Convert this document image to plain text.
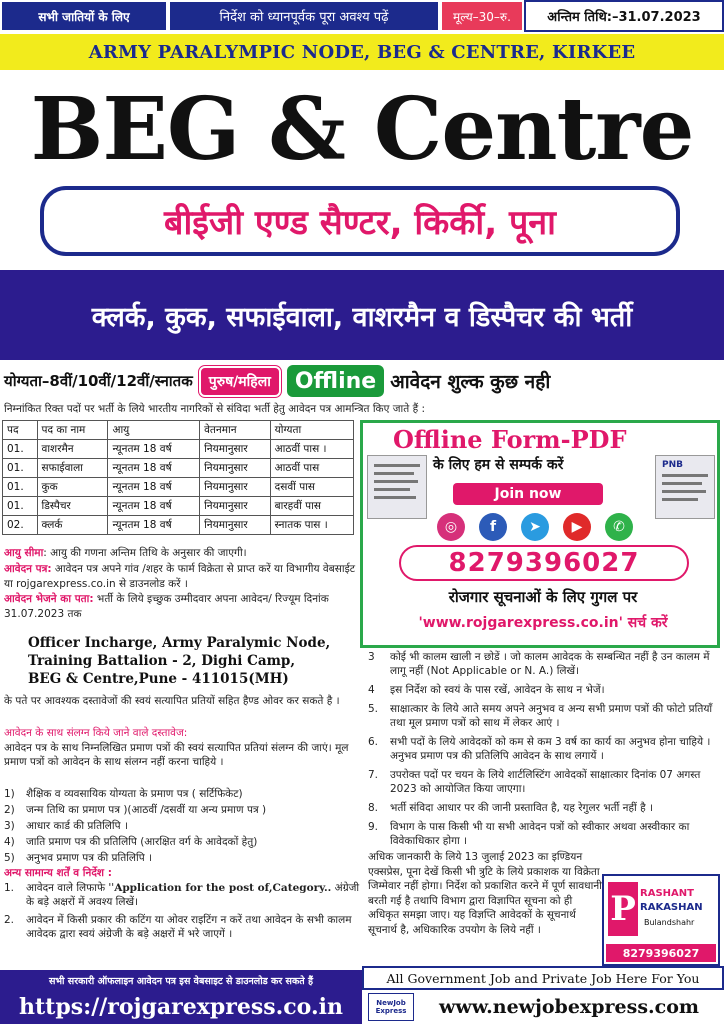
सभी जातियों के लिए	निर्देश को ध्यानपूर्वक पूरा अवश्य पढ़ें	मूल्य–30–रु.	अन्तिम तिथि:–31.07.2023
ARMY PARALYMPIC NODE, BEG & CENTRE, KIRKEE
BEG & Centre
बीईजी एण्ड सैण्टर, किर्की, पूना
क्लर्क, कुक, सफाईवाला, वाशरमैन व डिस्पैचर की भर्ती
योग्यता–8वीं/10वीं/12वीं/स्नातक	पुरुष/महिला	Offline आवेदन शुल्क कुछ नही
निम्नांकित रिक्त पदों पर भर्ती के लिये भारतीय नागरिकों से संविदा भर्ती हेतु आवेदन पत्र आमन्त्रित किए जाते हैं :
पद	पद का नाम	आयु	वेतनमान	योग्यता
01.	वाशरमैन	न्यूनतम 18 वर्ष	नियमानुसार	आठवीं पास ।
01.	सफाईवाला	न्यूनतम 18 वर्ष	नियमानुसार	आठवीं पास
01.	कुक	न्यूनतम 18 वर्ष	नियमानुसार	दसवीं पास
01.	डिस्पैचर	न्यूनतम 18 वर्ष	नियमानुसार	बारहवीं पास
02.	क्लर्क	न्यूनतम 18 वर्ष	नियमानुसार	स्नातक पास ।
Offline Form-PDF
के लिए हम से सम्पर्क करें	PNB
Join now
◎	f	➤	▶	✆
8279396027
रोजगार सूचनाओं के लिए गुगल पर
'www.rojgarexpress.co.in' सर्च करें
आयु सीमा: आयु की गणना अन्तिम तिथि के अनुसार की जाएगी।
आवेदन पत्र: आवेदन पत्र अपने गांव /शहर के फार्म विक्रेता से प्राप्त करें या विभागीय वेबसाईट या rojgarexpress.co.in से डाउनलोड करें ।
आवेदन भेजने का पता: भर्ती के लिये इच्छुक उम्मीदवार अपना आवेदन/ रिज्यूम दिनांक 31.07.2023 तक
Officer Incharge, Army Paralymic Node,
Training Battalion - 2, Dighi Camp,
BEG & Centre,Pune - 411015(MH)
के पते पर आवश्यक दस्तावेजों की स्वयं सत्यापित प्रतियों सहित हैण्ड ओवर कर सकते है ।
आवेदन के साथ संलग्न किये जाने वाले दस्तावेज:
आवेदन पत्र के साथ निम्नलिखित प्रमाण पत्रों की स्वयं सत्यापित प्रतियां संलग्न की जाएं। मूल प्रमाण पत्रों को आवेदन के साथ संलग्न नहीं करना चाहिये ।
1) शैक्षिक व व्यवसायिक योग्यता के प्रमाण पत्र ( सर्टिफिकेट)
2) जन्म तिथि का प्रमाण पत्र )(आठवीं /दसवीं या अन्य प्रमाण पत्र )
3) आधार कार्ड की प्रतिलिपि ।
4) जाति प्रमाण पत्र की प्रतिलिपि (आरक्षित वर्ग के आवेदकों हेतु)
5) अनुभव प्रमाण पत्र की प्रतिलिपि ।
अन्य सामान्य शर्तें व निर्देश :
1.	आवेदन वाले लिफाफे ''Application for the post of,Category.. अंग्रेजी के बड़े अक्षरों में अवश्य लिखें।
2.	आवेदन में किसी प्रकार की कटिंग या ओवर राइटिंग न करें तथा आवेदन के सभी कालम आवेदक द्वारा स्वयं अंग्रेजी के बड़े अक्षरों में भरे जाएगें ।
3	कोई भी कालम खाली न छोडें । जो कालम आवेदक के सम्बन्धित नहीं है उन कालम में लागू नहीं (Not Applicable or N. A.) लिखें।
4	इस निर्देश को स्वयं के पास रखें, आवेदन के साथ न भेजें।
5.	साक्षात्कार के लिये आते समय अपने अनुभव व अन्य सभी प्रमाण पत्रों की फोटो प्रतियाँ तथा मूल प्रमाण पत्रों को साथ में लेकर आएं ।
6.	सभी पदों के लिये आवेदकों को कम से कम 3 वर्ष का कार्य का अनुभव होना चाहिये । अनुभव प्रमाण पत्र की प्रतिलिपि आवेदन के साथ लगायें ।
7.	उपरोक्त पदों पर चयन के लिये शार्टलिस्टिंग आवेदकों साक्षात्कार दिनांक 07 अगस्त 2023 को आयोजित किया जाएगा।
8.	भर्ती संविदा आधार पर की जानी प्रस्तावित है, यह रेगुलर भर्ती नहीं है ।
9.	विभाग के पास किसी भी या सभी आवेदन पत्रों को स्वीकार अथवा अस्वीकार का विवेकाधिकार होगा ।
अधिक जानकारी के लिये 13 जुलाई 2023 का इण्डियन एक्सप्रेस, पूना देखें किसी भी त्रुटि के लिये प्रकाशक या विक्रेता जिम्मेवार नहीं होगा। निर्देश को प्रकाशित करने में पूर्ण सावधानी बरती गई है तथापि विभाग द्वारा विज्ञापित सूचना को ही अधिकृत समझा जाए। यह विज्ञप्ति आवेदकों के सूचनार्थ सूचनार्थ है, अधिकारिक उपयोग के लिये नहीं ।
P RASHANT
RAKASHAN
Bulandshahr
8279396027
सभी सरकारी ऑफलाइन आवेदन पत्र इस वेबसाइट से डाउनलोड कर सकते हैं	All Government Job and Private Job Here For You
https://rojgarexpress.co.in	NewJob
Express	www.newjobexpress.com
